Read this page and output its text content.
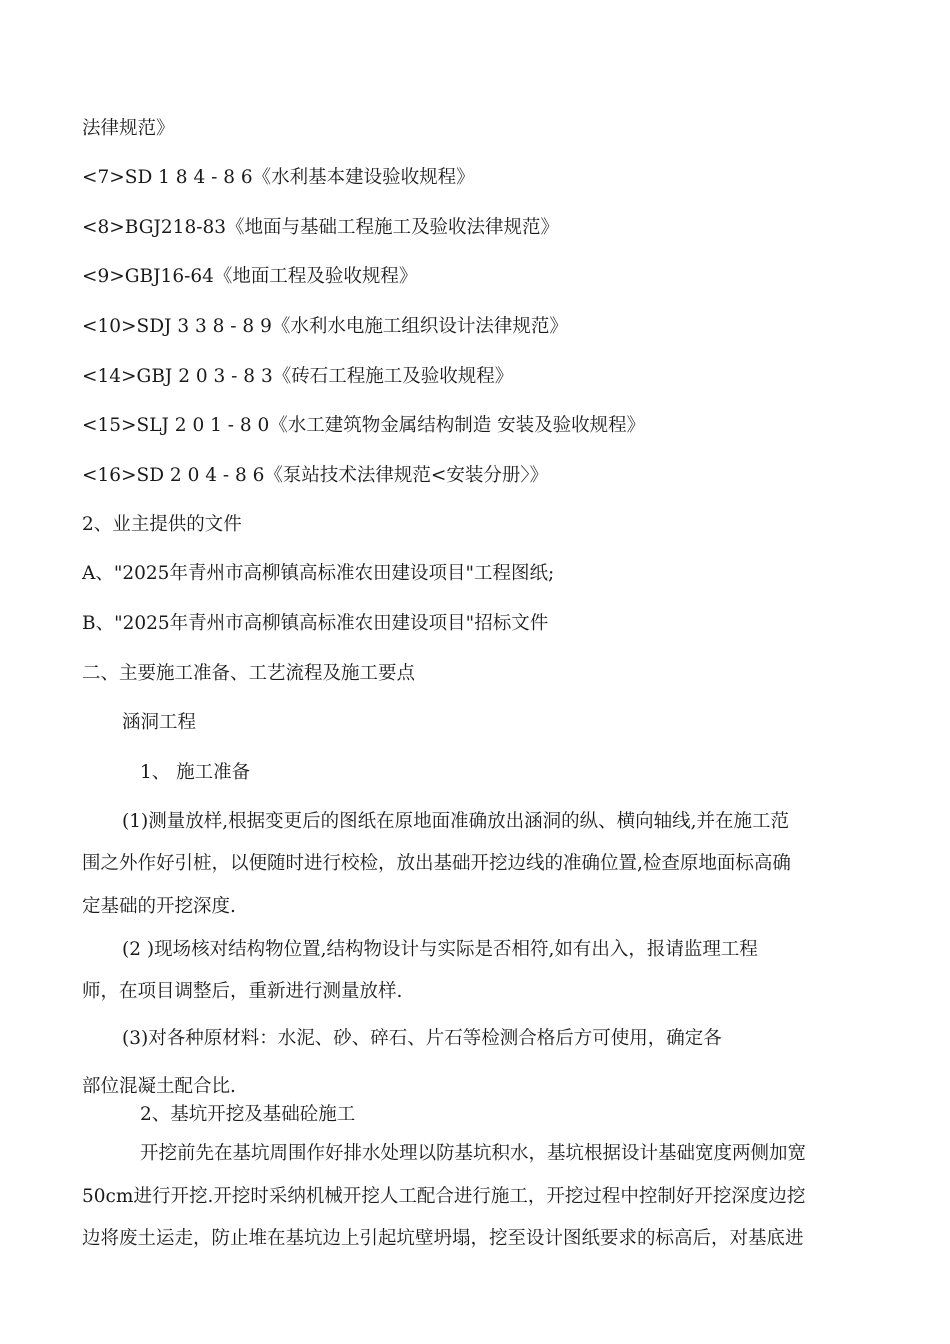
法律规范》
<7>SD 1 8 4 - 8 6《水利基本建设验收规程》
<8>BGJ218-83《地面与基础工程施工及验收法律规范》
<9>GBJ16-64《地面工程及验收规程》
<10>SDJ 3 3 8 - 8 9《水利水电施工组织设计法律规范》
<14>GBJ 2 0 3 - 8 3《砖石工程施工及验收规程》
<15>SLJ 2 0 1 - 8 0《水工建筑物金属结构制造 安装及验收规程》
<16>SD 2 0 4 - 8 6《泵站技术法律规范<安装分册〉》
2、业主提供的文件
A、"2025年青州市高柳镇高标准农田建设项目"工程图纸;
B、"2025年青州市高柳镇高标准农田建设项目"招标文件
二、主要施工准备、工艺流程及施工要点
涵洞工程
1、 施工准备
(1)测量放样,根据变更后的图纸在原地面准确放出涵洞的纵、横向轴线,并在施工范
围之外作好引桩，以便随时进行校检，放出基础开挖边线的准确位置,检查原地面标高确
定基础的开挖深度.
(2 )现场核对结构物位置,结构物设计与实际是否相符,如有出入，报请监理工程
师，在项目调整后，重新进行测量放样.
(3)对各种原材料：水泥、砂、碎石、片石等检测合格后方可使用，确定各
部位混凝土配合比.
2、基坑开挖及基础砼施工
开挖前先在基坑周围作好排水处理以防基坑积水，基坑根据设计基础宽度两侧加宽
50cm进行开挖.开挖时采纳机械开挖人工配合进行施工，开挖过程中控制好开挖深度边挖
边将废土运走，防止堆在基坑边上引起坑壁坍塌，挖至设计图纸要求的标高后，对基底进
